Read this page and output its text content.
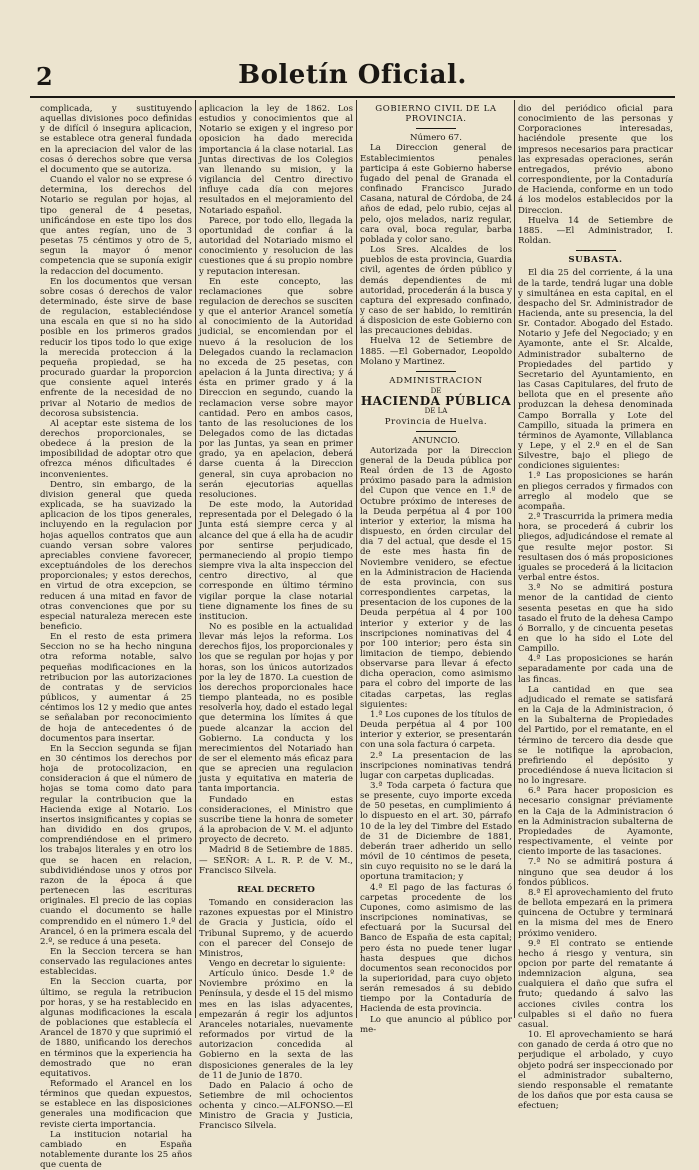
2	Boletín Oficial.

complicada, y sustituyendo aquellas divisiones poco definidas y de difícil ó insegura aplicacion, se establece otra general fundada en la apreciacion del valor de las cosas ó derechos sobre que versa el documento que se autoriza.

Cuando el valor no se exprese ó determina, los derechos del Notario se regulan por hojas, al tipo general de 4 pesetas, unificándose en este tipo los dos que antes regían, uno de 3 pesetas 75 céntimos y otro de 5, segun la mayor ó menor competencia que se suponía exigir la redaccion del documento.

En los documentos que versan sobre cosas ó derechos de valor determinado, éste sirve de base de regulacion, estableciéndose una escala en que si no ha sido posible en los primeros grados reducir los tipos todo lo que exige la merecida proteccion á la pequeña propiedad, se ha procurado guardar la proporcion que consiente aquel interés enfrente de la necesidad de no privar al Notario de medios de decorosa subsistencia.

Al aceptar este sistema de los derechos proporcionales, se obedece á la presion de la imposibilidad de adoptar otro que ofrezca ménos dificultades é inconvenientes.

Dentro, sin embargo, de la division general que queda explicada, se ha suavizado la aplicacion de los tipos generales, incluyendo en la regulacion por hojas aquellos contratos que aun cuando versan sobre valores apreciables conviene favorecer, exceptuándoles de los derechos proporcionales; y estos derechos, en virtud de otra excepcion, se reducen á una mitad en favor de otras convenciones que por su especial naturaleza merecen este beneficio.

En el resto de esta primera Seccion no se ha hecho ninguna otra reforma notable, salvo pequeñas modificaciones en la retribucion por las autorizaciones de contratas y de servicios públicos, y aumentar á 25 céntimos los 12 y medio que antes se señalaban por reconocimiento de hoja de antecedentes ó de documentos para insertar.

En la Seccion segunda se fijan en 30 céntimos los derechos por hoja de protocolizacion, en consideracion á que el número de hojas se toma como dato para regular la contribucion que la Hacienda exige al Notario. Los insertos insignificantes y copias se han dividido en dos grupos, comprendiéndose en el primero los trabajos literales y en otro los que se hacen en relacion, subdividiéndose unos y otros por razon de la época á que pertenecen las escrituras originales. El precio de las copias cuando el documento se halle comprendido en el número 1.º del Arancel, ó en la primera escala del 2.º, se reduce á una peseta.

En la Seccion tercera se han conservado las regulaciones antes establecidas.

En la Seccion cuarta, por último, se regula la retribucion por horas, y se ha restablecido en algunas modificaciones la escala de poblaciones que establecía el Arancel de 1870 y que suprimió el de 1880, unificando los derechos en términos que la experiencia ha demostrado que no eran equitativos.

Reformado el Arancel en los términos que quedan expuestos, se establece en las disposiciones generales una modificacion que reviste cierta importancia.

La institucion notarial ha cambiado en España notablemente durante los 25 años que cuenta de

aplicacion la ley de 1862. Los estudios y conocimientos que al Notario se exigen y el ingreso por oposicion ha dado merecida importancia á la clase notarial. Las Juntas directivas de los Colegios van llenando su mision, y la vigilancia del Centro directivo influye cada día con mejores resultados en el mejoramiento del Notariado español.

Parece, por todo ello, llegada la oportunidad de confiar á la autoridad del Notariado mismo el conocimiento y resolucion de las cuestiones que á su propio nombre y reputacion interesan.

En este concepto, las reclamaciones que sobre regulacion de derechos se susciten y que el anterior Arancel sometía al conocimiento de la Autoridad judicial, se encomiendan por el nuevo á la resolucion de los Delegados cuando la reclamacion no exceda de 25 pesetas, con apelacion á la Junta directiva; y á ésta en primer grado y á la Direccion en segundo, cuando la reclamacion verse sobre mayor cantidad. Pero en ambos casos, tanto de las resoluciones de los Delegados como de las dictadas por las Juntas, ya sean en primer grado, ya en apelacion, deberá darse cuenta á la Direccion general, sin cuya aprobacion no serán ejecutorias aquellas resoluciones.

De este modo, la Autoridad representada por el Delegado ó la Junta está siempre cerca y al alcance del que á ella ha de acudir por sentirse perjudicado, permaneciendo al propio tiempo siempre viva la alta inspeccion del centro directivo, al que corresponde en último término vigilar porque la clase notarial tiene dignamente los fines de su institucion.

No es posible en la actualidad llevar más lejos la reforma. Los derechos fijos, los proporcionales y los que se regulan por hojas y por horas, son los únicos autorizados por la ley de 1870. La cuestion de los derechos proporcionales hace tiempo planteada, no es posible resolverla hoy, dado el estado legal que determina los límites á que puede alcanzar la accion del Gobierno. La conducta y los merecimientos del Notariado han de ser el elemento más eficaz para que se aprecien una regulacion justa y equitativa en materia de tanta importancia.

Fundado en estas consideraciones, el Ministro que suscribe tiene la honra de someter á la aprobacion de V. M. el adjunto proyecto de decreto.

Madrid 8 de Setiembre de 1885.— SEÑOR: A L. R. P. de V. M., Francisco Silvela.

REAL DECRETO

Tomando en consideracion las razones expuestas por el Ministro de Gracia y Justicia, oído el Tribunal Supremo, y de acuerdo con el parecer del Consejo de Ministros,

Vengo en decretar lo siguiente:

Artículo único. Desde 1.º de Noviembre próximo en la Península, y desde el 15 del mismo mes en las islas adyacentes, empezarán á regir los adjuntos Aranceles notariales, nuevamente reformados por virtud de la autorizacion concedida al Gobierno en la sexta de las disposiciones generales de la ley de 11 de Junio de 1870.

Dado en Palacio á ocho de Setiembre de mil ochocientos ochenta y cinco.—ALFONSO.—El Ministro de Gracia y Justicia, Francisco Silvela.

GOBIERNO CIVIL DE LA PROVINCIA.

Número 67.

La Direccion general de Establecimientos penales participa á este Gobierno haberse fugado del penal de Granada el confinado Francisco Jurado Casana, natural de Córdoba, de 24 años de edad, pelo rubio, cejas al pelo, ojos melados, nariz regular, cara oval, boca regular, barba poblada y color sano.

Los Sres. Alcaldes de los pueblos de esta provincia, Guardia civil, agentes de órden público y demás dependientes de mi autoridad, procederán á la busca y captura del expresado confinado, y caso de ser habido, lo remitirán á disposicion de este Gobierno con las precauciones debidas.

Huelva 12 de Setiembre de 1885. —El Gobernador, Leopoldo Molano y Martinez.

ADMINISTRACION

DE

HACIENDA PÚBLICA

DE LA

Provincia de Huelva.

ANUNCIO.

Autorizada por la Direccion general de la Deuda pública por Real órden de 13 de Agosto próximo pasado para la admision del Cupon que vence en 1.º de Octubre próximo de intereses de la Deuda perpétua al 4 por 100 interior y exterior, la misma ha dispuesto, en órden circular del dia 7 del actual, que desde el 15 de este mes hasta fin de Noviembre venidero, se efectue en la Administracion de Hacienda de esta provincia, con sus correspondientes carpetas, la presentacion de los cupones de la Deuda perpétua al 4 por 100 interior y exterior y de las inscripciones nominativas del 4 por 100 interior; pero ésta sin limitacion de tiempo, debiendo observarse para llevar á efecto dicha operacion, como asimismo para el cobro del importe de las citadas carpetas, las reglas siguientes:

1.ª Los cupones de los títulos de Deuda perpétua al 4 por 100 interior y exterior, se presentarán con una sola factura ó carpeta.

2.ª La presentacion de las inscripciones nominativas tendrá lugar con carpetas duplicadas.

3.ª Toda carpeta ó factura que se presente, cuyo importe exceda de 50 pesetas, en cumplimiento á lo dispuesto en el art. 30, párrafo 10 de la ley del Timbre del Estado de 31 de Diciembre de 1881, deberán traer adherido un sello móvil de 10 céntimos de peseta, sin cuyo requisito no se le dará la oportuna tramitacion; y

4.ª El pago de las facturas ó carpetas procedente de los Cupones, como asimismo de las inscripciones nominativas, se efectuará por la Sucursal del Banco de España de esta capital; pero ésta no puede tener lugar hasta despues que dichos documentos sean reconocidos por la superioridad, para cuyo objeto serán remesados á su debido tiempo por la Contaduría de Hacienda de esta provincia.

Lo que anuncio al público por me-

dio del periódico oficial para conocimiento de las personas y Corporaciones interesadas, haciéndole presente que los impresos necesarios para practicar las expresadas operaciones, serán entregados, prévio abono correspondiente, por la Contaduría de Hacienda, conforme en un todo á los modelos establecidos por la Direccion.

Huelva 14 de Setiembre de 1885. —El Administrador, I. Roldan.

SUBASTA.

El dia 25 del corriente, á la una de la tarde, tendrá lugar una doble y simultánea en esta capital, en el despacho del Sr. Administrador de Hacienda, ante su presencia, la del Sr. Contador. Abogado del Estado. Notario y Jefe del Negociado; y en Ayamonte, ante el Sr. Alcalde, Administrador subalterno de Propiedades del partido y Secretario del Ayuntamiento, en las Casas Capitulares, del fruto de bellota que en el presente año produzcan la dehesa denominada Campo Borralla y Lote del Campillo, situada la primera en términos de Ayamonte, Villablanca y Lepe, y el 2.º en el de San Silvestre, bajo el pliego de condiciones siguientes:

1.ª Las proposiciones se harán en pliegos cerrados y firmados con arreglo al modelo que se acompaña.

2.ª Trascurrida la primera media hora, se procederá á cubrir los pliegos, adjudicándose el remate al que resulte mejor postor. Si resultasen dos ó más proposiciones iguales se procederá á la licitacion verbal entre éstos.

3.ª No se admitirá postura menor de la cantidad de ciento sesenta pesetas en que ha sido tasado el fruto de la dehesa Campo ó Borrallo, y de cincuenta pesetas en que lo ha sido el Lote del Campillo.

4.ª Las proposiciones se harán separadamente por cada una de las fincas.

La cantidad en que sea adjudicado el remate se satisfará en la Caja de la Administracion, ó en la Subalterna de Propiedades del Partido, por el rematante, en el término de tercero dia desde que se le notifique la aprobacion, prefiriendo el depósito y procediéndose á nueva licitacion si no lo ingresare.

6.ª Para hacer proposicion es necesario consignar préviamente en la Caja de la Administracion ó en la Administracion subalterna de Propiedades de Ayamonte, respectivamente, el veinte por ciento importe de las tasaciones.

7.ª No se admitirá postura á ninguno que sea deudor á los fondos públicos.

8.ª El aprovechamiento del fruto de bellota empezará en la primera quincena de Octubre y terminará en la misma del mes de Enero próximo venidero.

9.ª El contrato se entiende hecho á riesgo y ventura, sin opcion por parte del rematante á indemnizacion alguna, sea cualquiera el daño que sufra el fruto; quedando á salvo las acciones civiles contra los culpables si el daño no fuera casual.

10. El aprovechamiento se hará con ganado de cerda á otro que no perjudique el arbolado, y cuyo objeto podrá ser inspeccionado por el administrador subalterno, siendo responsable el rematante de los daños que por esta causa se efectuen;
